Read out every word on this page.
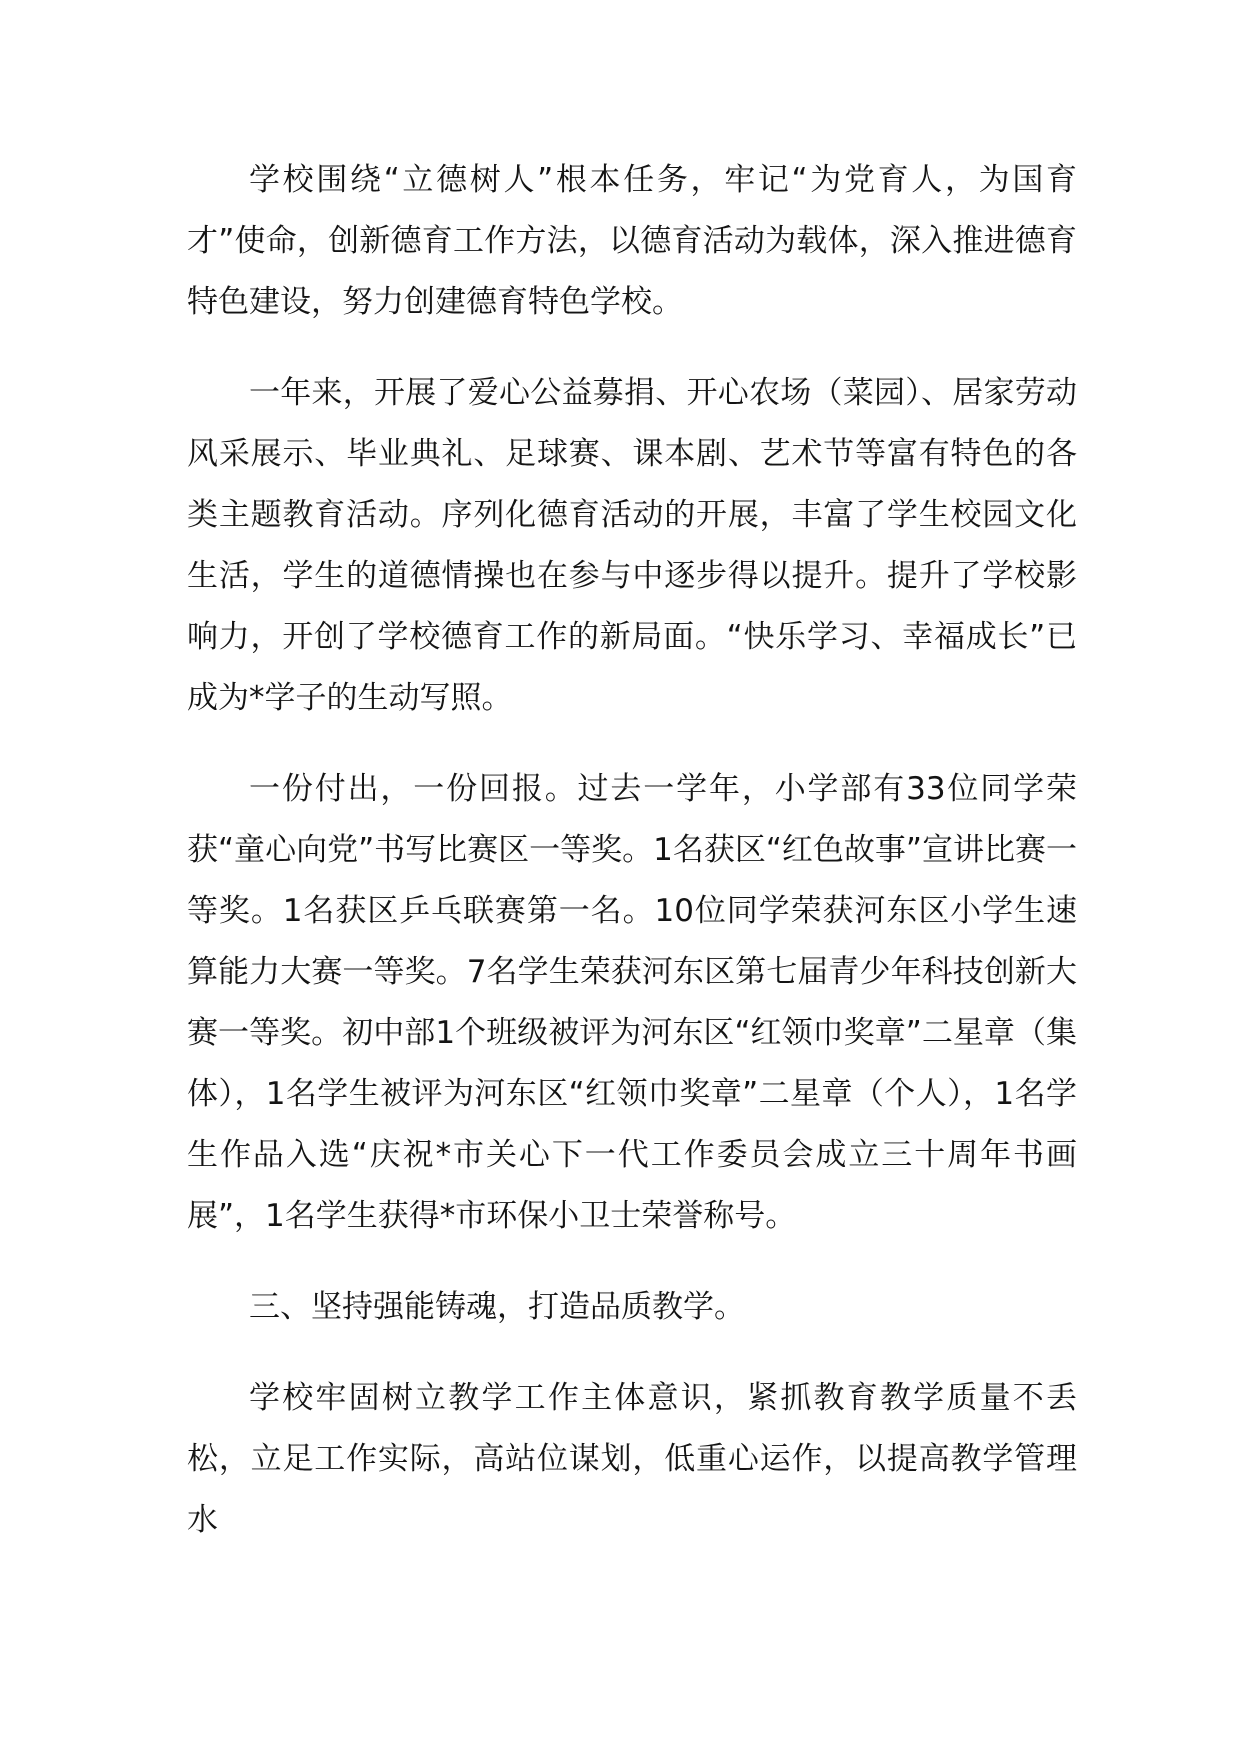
学校围绕“立德树人”根本任务，牢记“为党育人，为国育才”使命，创新德育工作方法，以德育活动为载体，深入推进德育特色建设，努力创建德育特色学校。

一年来，开展了爱心公益募捐、开心农场（菜园）、居家劳动风采展示、毕业典礼、足球赛、课本剧、艺术节等富有特色的各类主题教育活动。序列化德育活动的开展，丰富了学生校园文化生活，学生的道德情操也在参与中逐步得以提升。提升了学校影响力，开创了学校德育工作的新局面。“快乐学习、幸福成长”已成为*学子的生动写照。

一份付出，一份回报。过去一学年，小学部有33位同学荣获“童心向党”书写比赛区一等奖。1名获区“红色故事”宣讲比赛一等奖。1名获区乒乓联赛第一名。10位同学荣获河东区小学生速算能力大赛一等奖。7名学生荣获河东区第七届青少年科技创新大赛一等奖。初中部1个班级被评为河东区“红领巾奖章”二星章（集体），1名学生被评为河东区“红领巾奖章”二星章（个人），1名学生作品入选“庆祝*市关心下一代工作委员会成立三十周年书画展”，1名学生获得*市环保小卫士荣誉称号。

三、坚持强能铸魂，打造品质教学。

学校牢固树立教学工作主体意识，紧抓教育教学质量不丢松，立足工作实际，高站位谋划，低重心运作，以提高教学管理水
